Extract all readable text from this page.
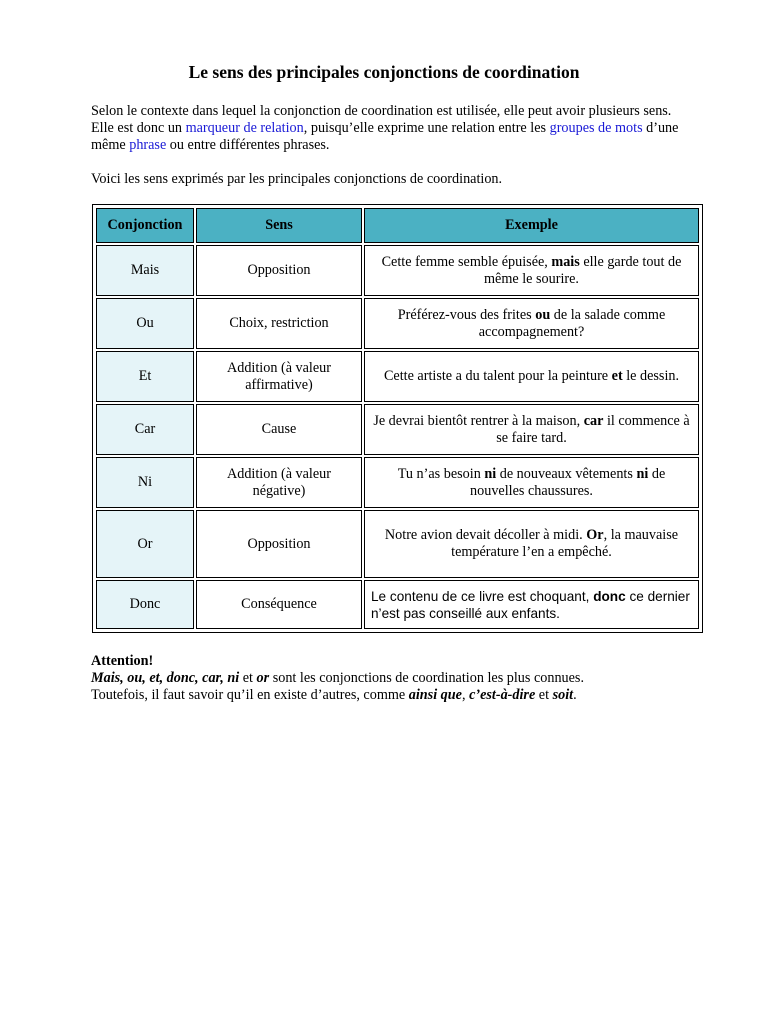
Le sens des principales conjonctions de coordination
Selon le contexte dans lequel la conjonction de coordination est utilisée, elle peut avoir plusieurs sens. Elle est donc un marqueur de relation, puisqu’elle exprime une relation entre les groupes de mots d’une même phrase ou entre différentes phrases.
Voici les sens exprimés par les principales conjonctions de coordination.
Conjonction	Sens	Exemple
Mais	Opposition	Cette femme semble épuisée, mais elle garde tout de même le sourire.
Ou	Choix, restriction	Préférez-vous des frites ou de la salade comme accompagnement?
Et	Addition (à valeur affirmative)	Cette artiste a du talent pour la peinture et le dessin.
Car	Cause	Je devrai bientôt rentrer à la maison, car il commence à se faire tard.
Ni	Addition (à valeur négative)	Tu n’as besoin ni de nouveaux vêtements ni de nouvelles chaussures.
Or	Opposition	Notre avion devait décoller à midi. Or, la mauvaise température l’en a empêché.
Donc	Conséquence	Le contenu de ce livre est choquant, donc ce dernier n’est pas conseillé aux enfants.
Attention!
Mais, ou, et, donc, car, ni et or sont les conjonctions de coordination les plus connues.
Toutefois, il faut savoir qu’il en existe d’autres, comme ainsi que, c’est-à-dire et soit.
